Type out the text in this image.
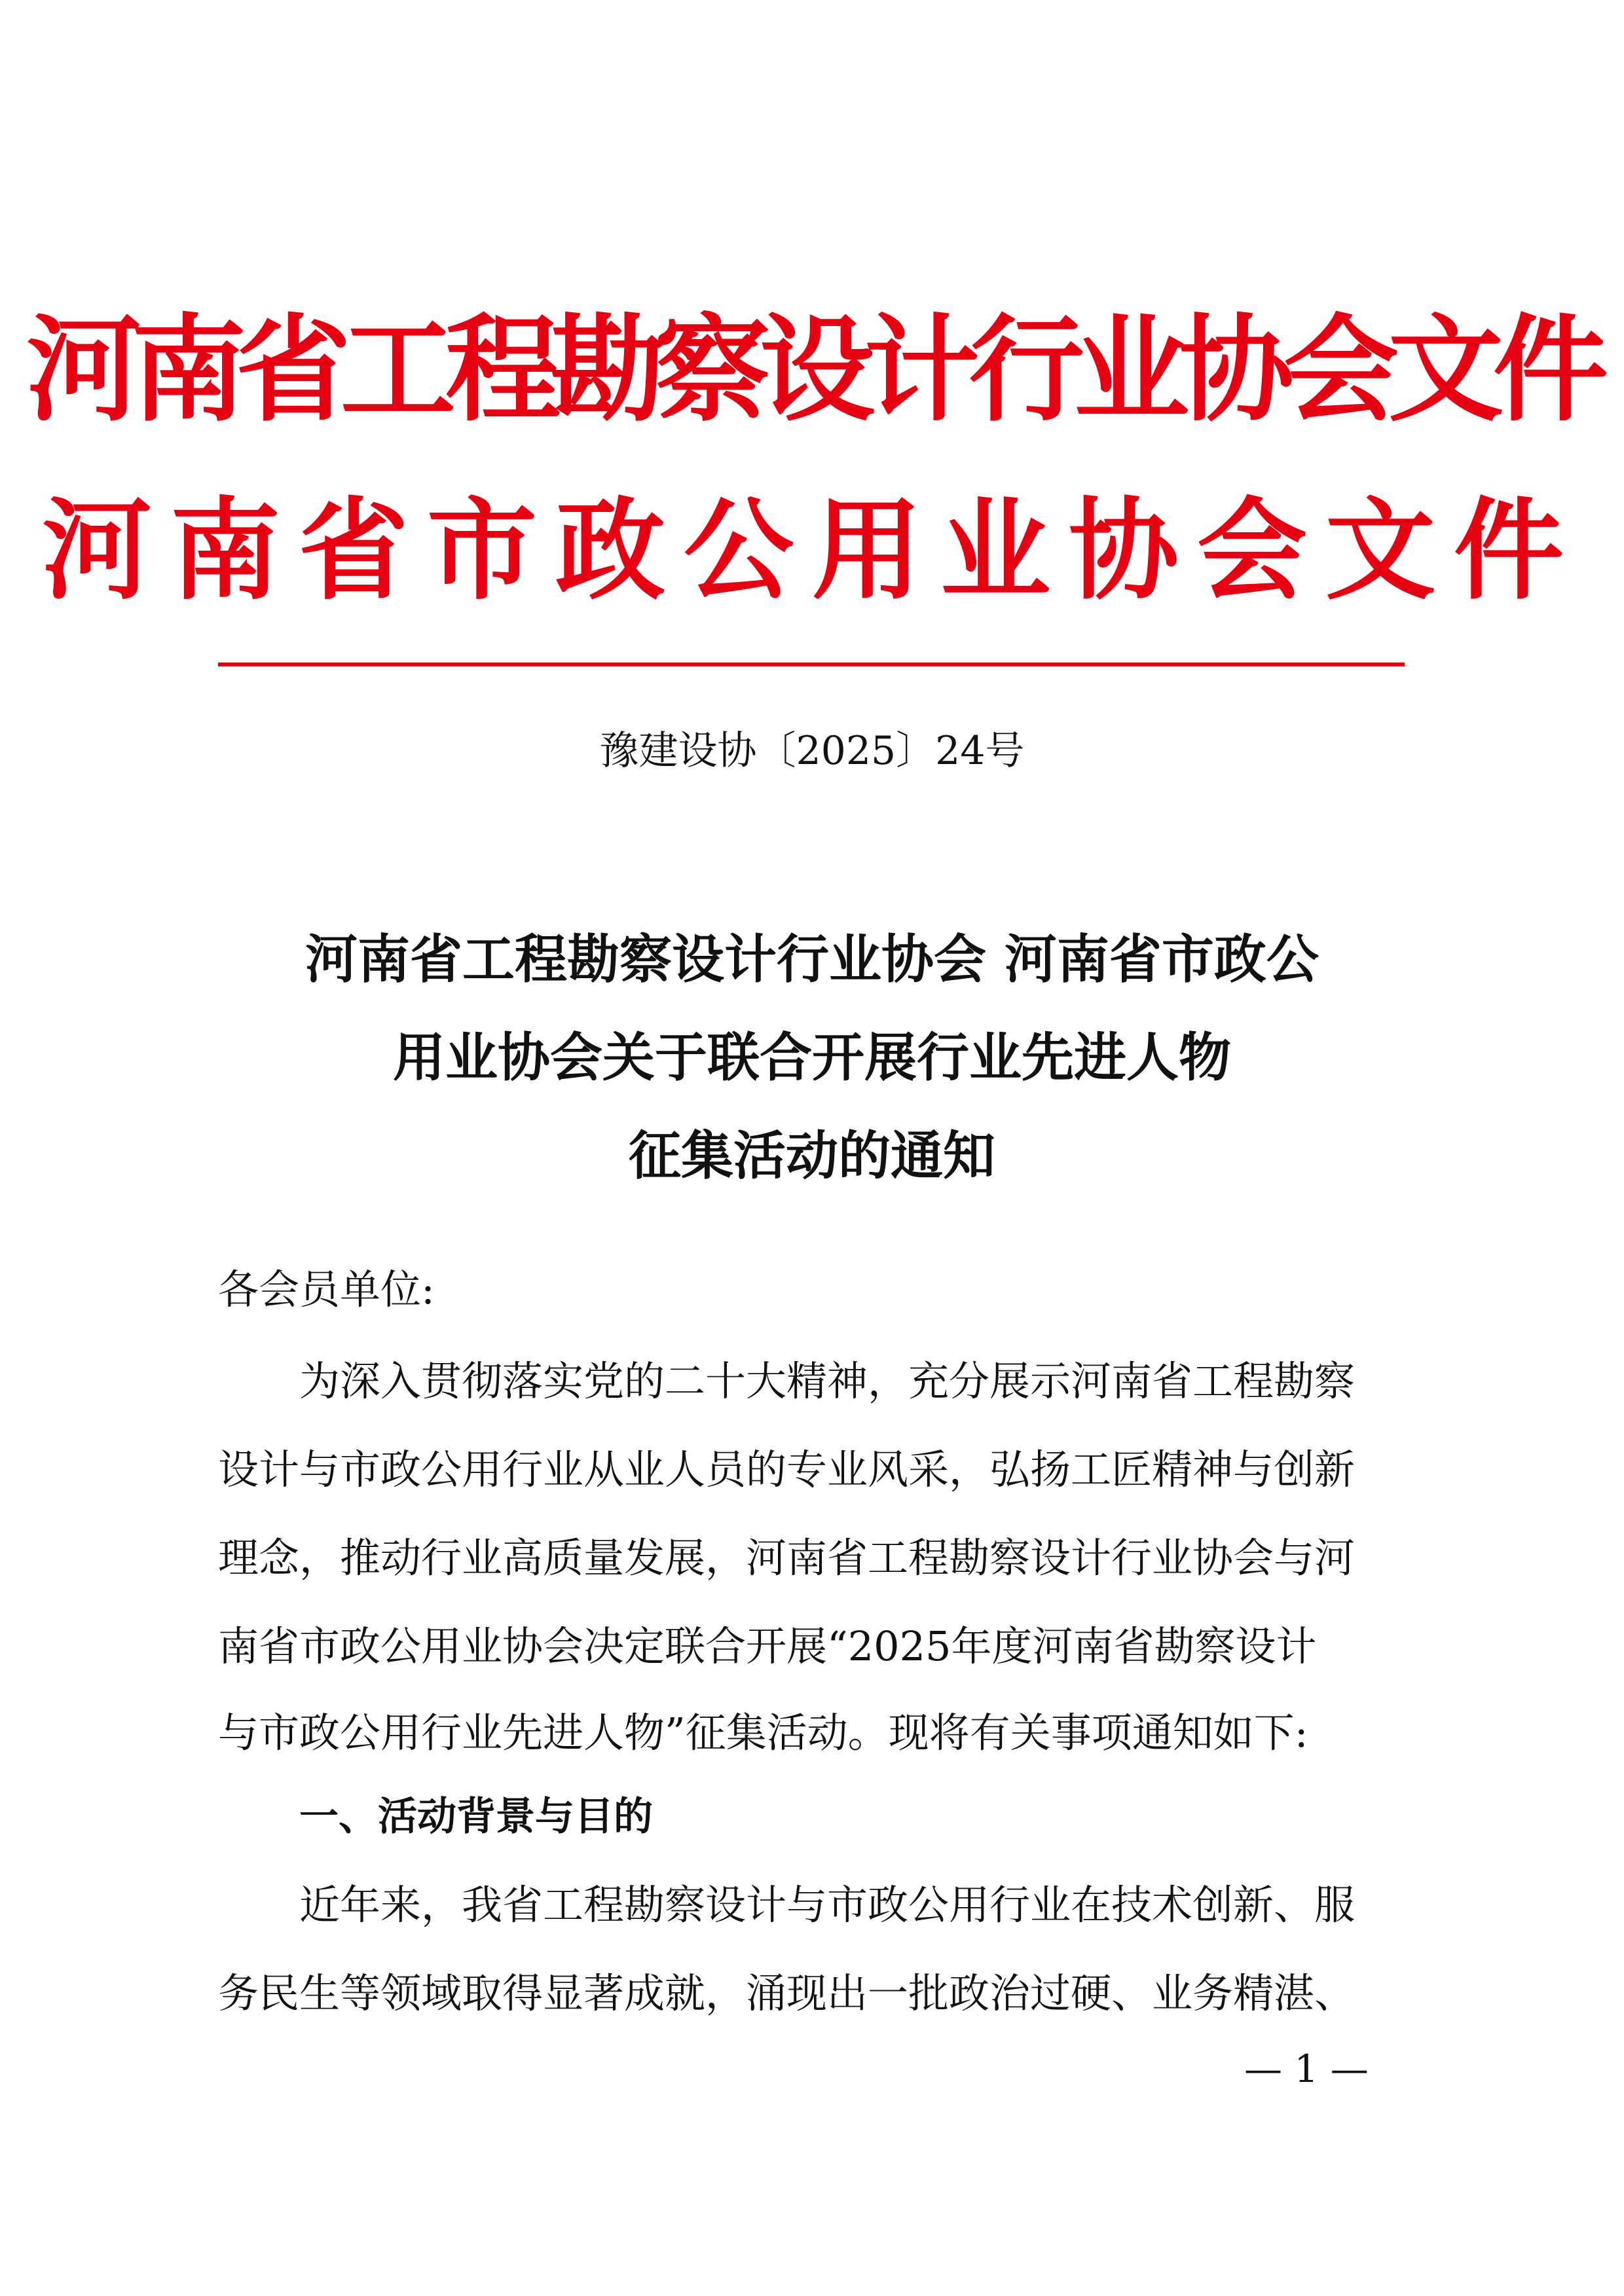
河南省工程勘察设计行业协会文件
河南省市政公用业协会文件
豫建设协〔2025〕24号
河南省工程勘察设计行业协会 河南省市政公
用业协会关于联合开展行业先进人物
征集活动的通知
各会员单位:
为深入贯彻落实党的二十大精神，充分展示河南省工程勘察
设计与市政公用行业从业人员的专业风采，弘扬工匠精神与创新
理念，推动行业高质量发展，河南省工程勘察设计行业协会与河
南省市政公用业协会决定联合开展“2025年度河南省勘察设计
与市政公用行业先进人物”征集活动。现将有关事项通知如下:
一、活动背景与目的
近年来，我省工程勘察设计与市政公用行业在技术创新、服
务民生等领域取得显著成就，涌现出一批政治过硬、业务精湛、
— 1 —
